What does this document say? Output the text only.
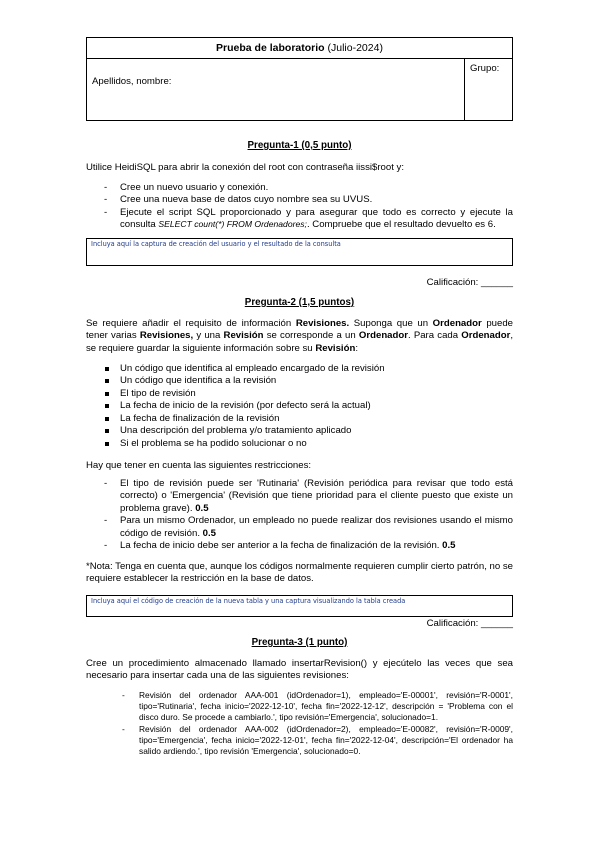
Prueba de laboratorio (Julio-2024)
Apellidos, nombre:
Grupo:
Pregunta-1 (0,5 punto)
Utilice HeidiSQL para abrir la conexión del root con contraseña iissi$root y:
- Cree un nuevo usuario y conexión.
- Cree una nueva base de datos cuyo nombre sea su UVUS.
- Ejecute el script SQL proporcionado y para asegurar que todo es correcto y ejecute la consulta SELECT count(*) FROM Ordenadores;. Compruebe que el resultado devuelto es 6.
Incluya aquí la captura de creación del usuario y el resultado de la consulta
Calificación: ______
Pregunta-2 (1,5 puntos)
Se requiere añadir el requisito de información Revisiones. Suponga que un Ordenador puede tener varias Revisiones, y una Revisión se corresponde a un Ordenador. Para cada Ordenador, se requiere guardar la siguiente información sobre su Revisión:
Un código que identifica al empleado encargado de la revisión
Un código que identifica a la revisión
El tipo de revisión
La fecha de inicio de la revisión (por defecto será la actual)
La fecha de finalización de la revisión
Una descripción del problema y/o tratamiento aplicado
Si el problema se ha podido solucionar o no
Hay que tener en cuenta las siguientes restricciones:
- El tipo de revisión puede ser 'Rutinaria' (Revisión periódica para revisar que todo está correcto) o 'Emergencia' (Revisión que tiene prioridad para el cliente puesto que existe un problema grave). 0.5
- Para un mismo Ordenador, un empleado no puede realizar dos revisiones usando el mismo código de revisión. 0.5
- La fecha de inicio debe ser anterior a la fecha de finalización de la revisión. 0.5
*Nota: Tenga en cuenta que, aunque los códigos normalmente requieren cumplir cierto patrón, no se requiere establecer la restricción en la base de datos.
Incluya aquí el código de creación de la nueva tabla y una captura visualizando la tabla creada
Calificación: ______
Pregunta-3 (1 punto)
Cree un procedimiento almacenado llamado insertarRevision() y ejecútelo las veces que sea necesario para insertar cada una de las siguientes revisiones:
- Revisión del ordenador AAA-001 (idOrdenador=1), empleado='E-00001', revisión='R-0001', tipo='Rutinaria', fecha inicio='2022-12-10', fecha fin='2022-12-12', descripción = 'Problema con el disco duro. Se procede a cambiarlo.', tipo revisión='Emergencia', solucionado=1.
- Revisión del ordenador AAA-002 (idOrdenador=2), empleado='E-00082', revisión='R-0009', tipo='Emergencia', fecha inicio='2022-12-01', fecha fin='2022-12-04', descripción='El ordenador ha salido ardiendo.', tipo revisión 'Emergencia', solucionado=0.
